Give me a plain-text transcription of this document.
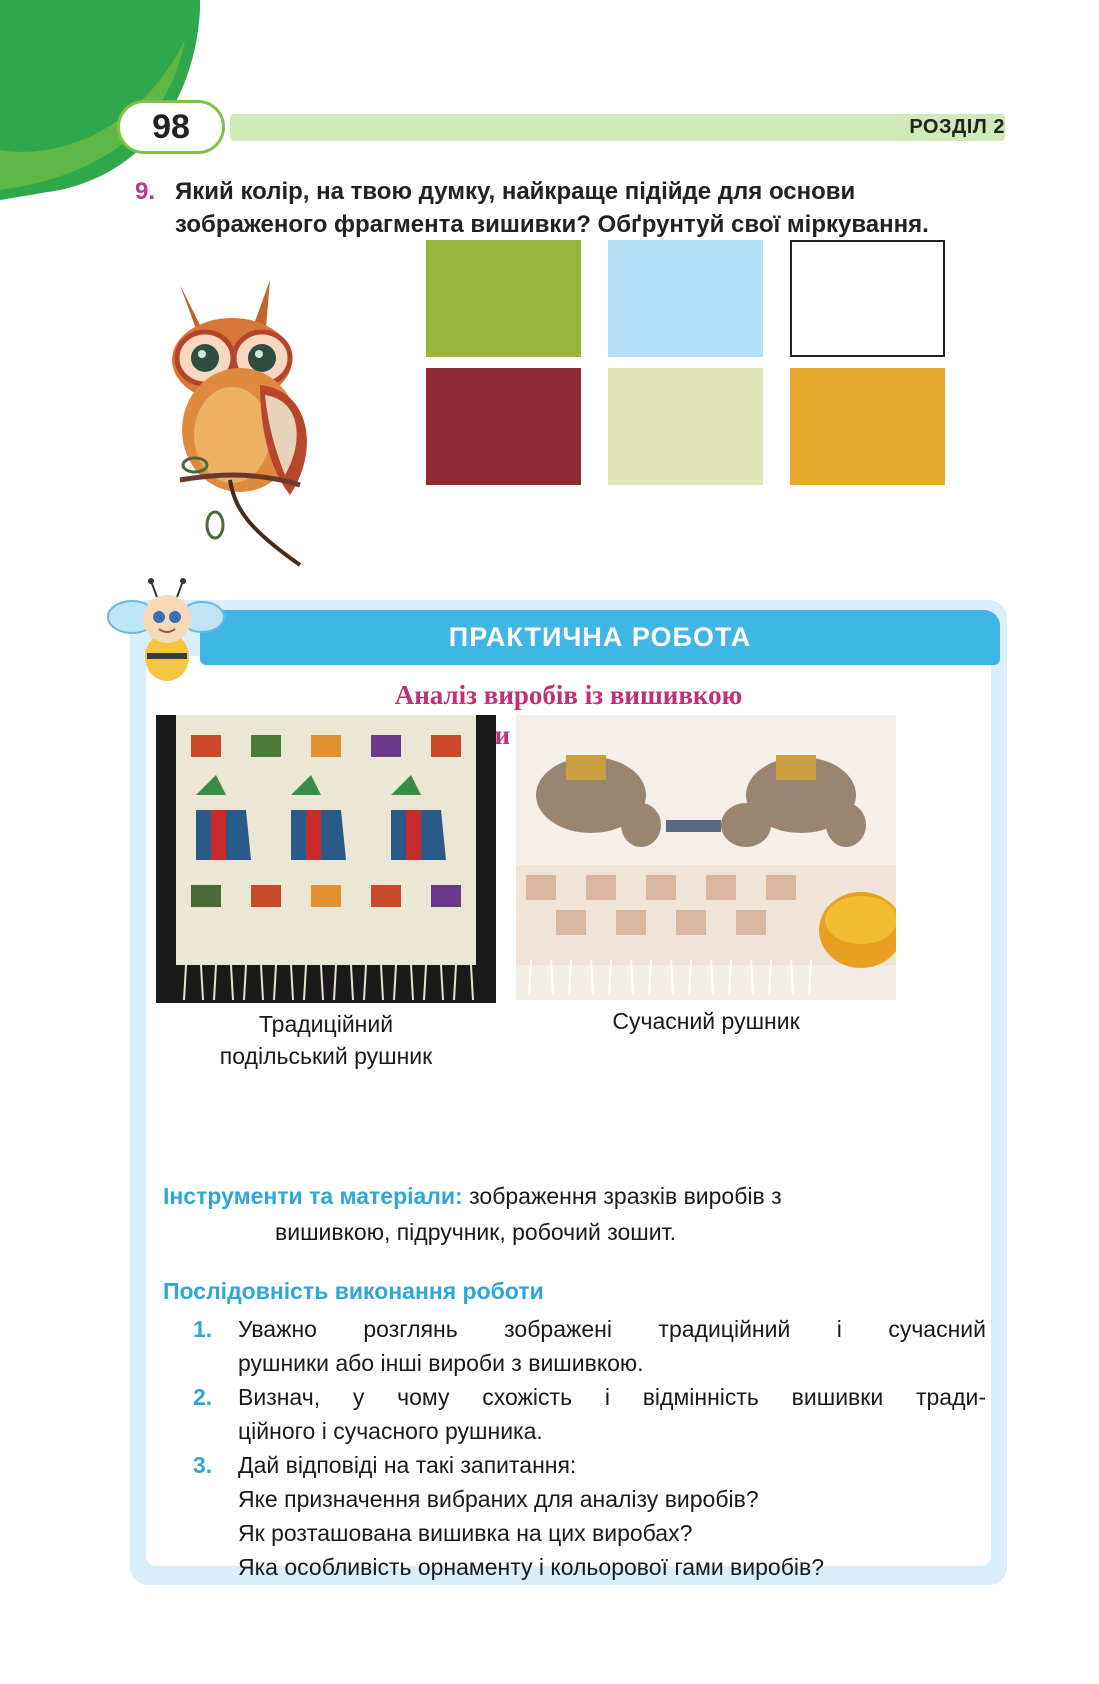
98	РОЗДІЛ 2
9. Який колір, на твою думку, найкраще підійде для основи зображеного фрагмента вишивки? Обґрунтуй свої міркування.
ПРАКТИЧНА РОБОТА
Аналіз виробів із вишивкою
Традиційний
подільський рушник
Сучасний рушник
Інструменти та матеріали: зображення зразків виробів з
вишивкою, підручник, робочий зошит.
Послідовність виконання роботи
1. Уважно розглянь зображені традиційний і сучасний
рушники або інші вироби з вишивкою.
2. Визнач, у чому схожість і відмінність вишивки тради-
ційного і сучасного рушника.
3. Дай відповіді на такі запитання:
Яке призначення вибраних для аналізу виробів?
Як розташована вишивка на цих виробах?
Яка особливість орнаменту і кольорової гами виробів?
